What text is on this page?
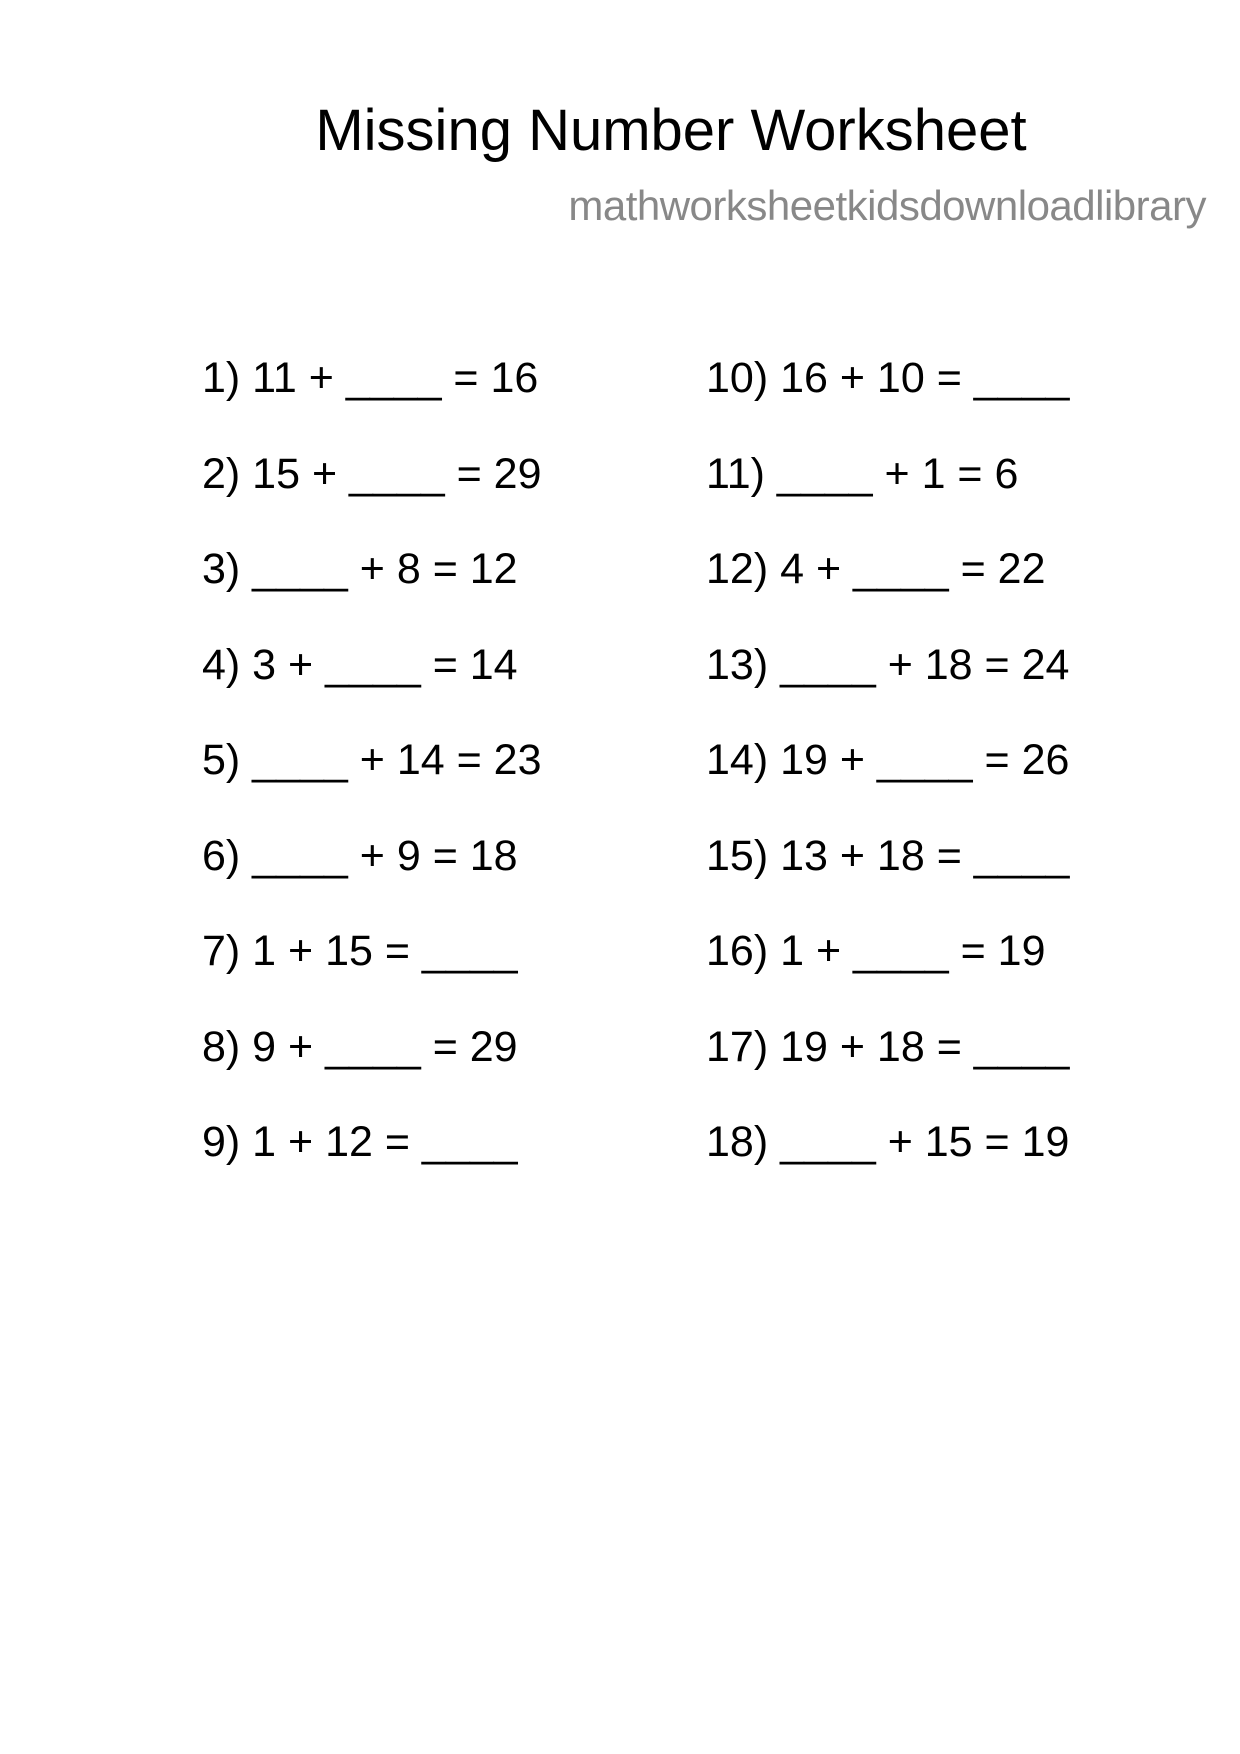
Missing Number Worksheet
mathworksheetkidsdownloadlibrary
1) 11 + ____ = 16
2) 15 + ____ = 29
3) ____ + 8 = 12
4) 3 + ____ = 14
5) ____ + 14 = 23
6) ____ + 9 = 18
7) 1 + 15 = ____
8) 9 + ____ = 29
9) 1 + 12 = ____
10) 16 + 10 = ____
11) ____ + 1 = 6
12) 4 + ____ = 22
13) ____ + 18 = 24
14) 19 + ____ = 26
15) 13 + 18 = ____
16) 1 + ____ = 19
17) 19 + 18 = ____
18) ____ + 15 = 19
